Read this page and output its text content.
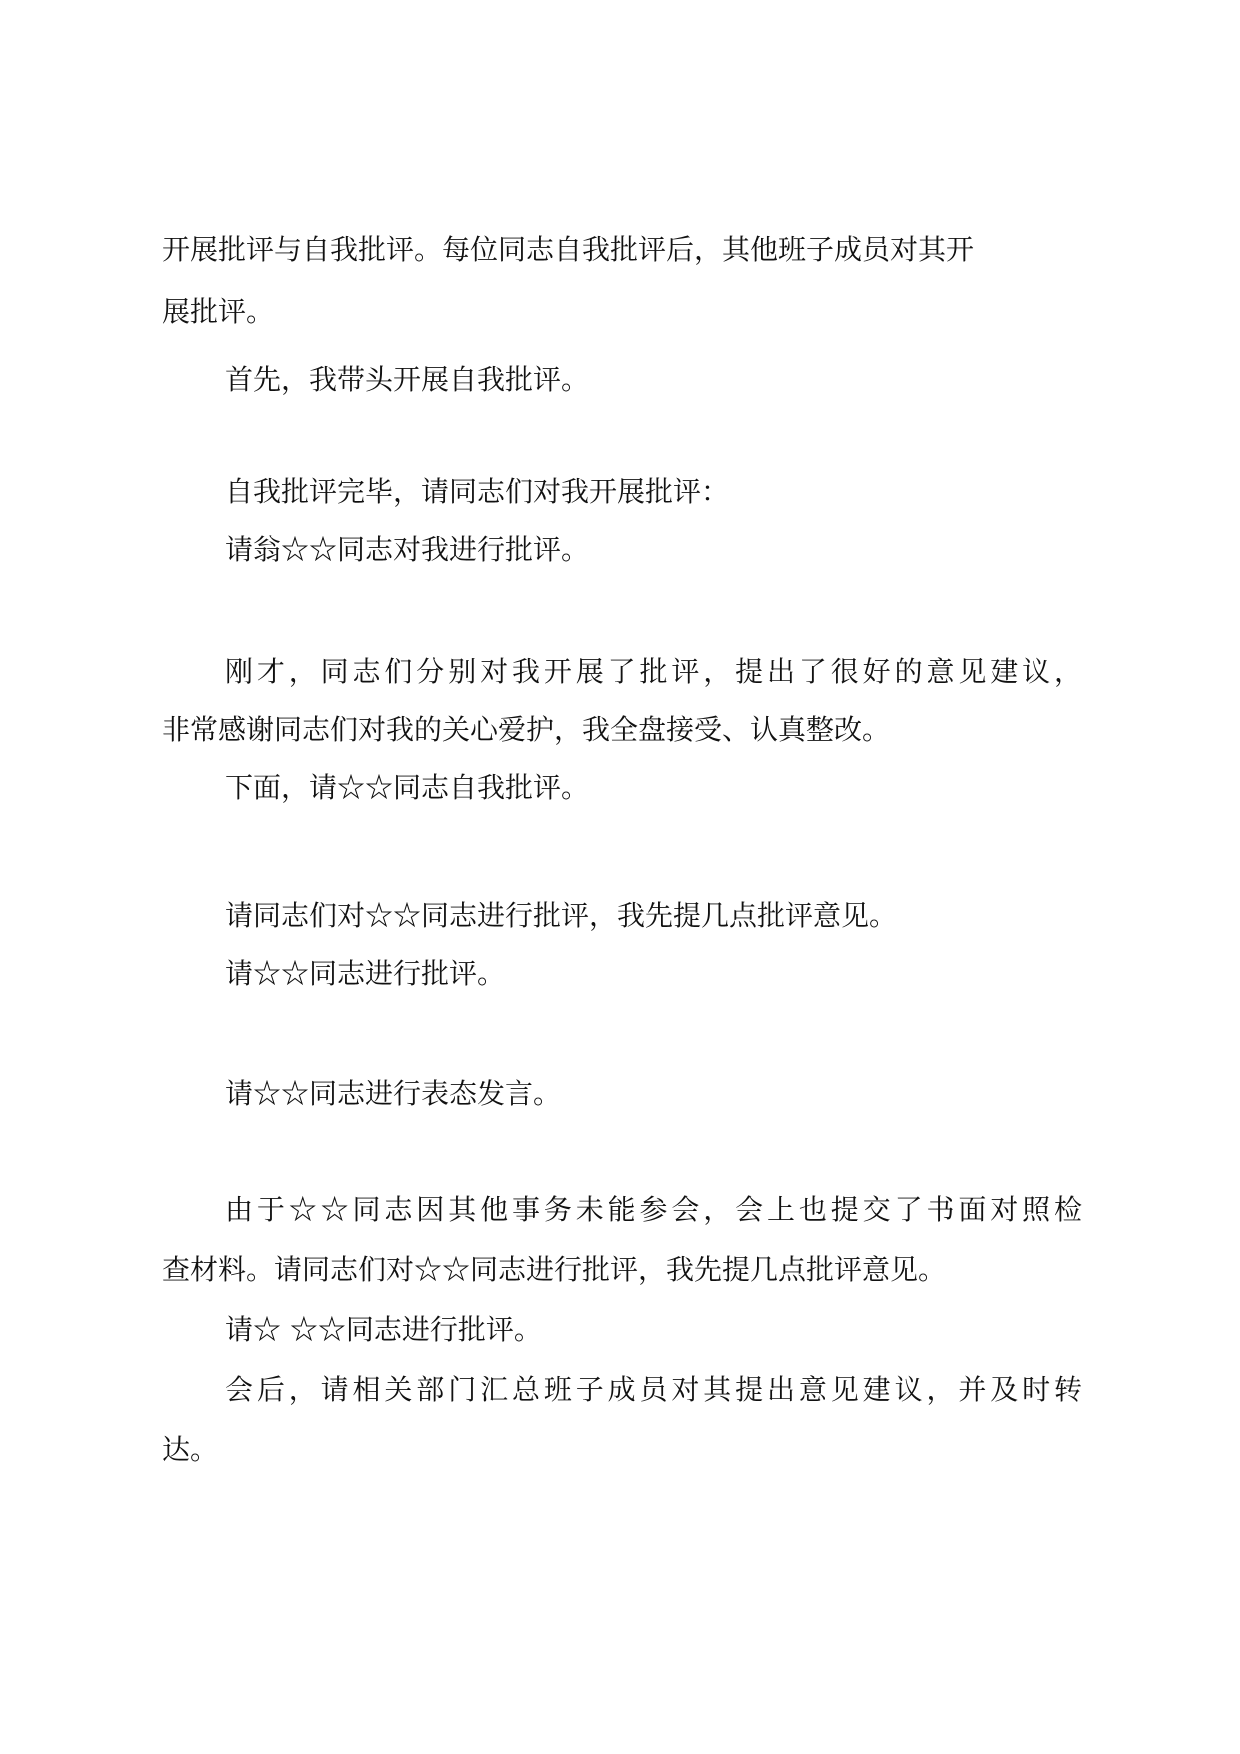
开展批评与自我批评。每位同志自我批评后，其他班子成员对其开
展批评。
首先，我带头开展自我批评。
自我批评完毕，请同志们对我开展批评：
请翁☆☆同志对我进行批评。
刚才，同志们分别对我开展了批评，提出了很好的意见建议，
非常感谢同志们对我的关心爱护，我全盘接受、认真整改。
下面，请☆☆同志自我批评。
请同志们对☆☆同志进行批评，我先提几点批评意见。
请☆☆同志进行批评。
请☆☆同志进行表态发言。
由于☆☆同志因其他事务未能参会，会上也提交了书面对照检
查材料。请同志们对☆☆同志进行批评，我先提几点批评意见。
请☆ ☆☆同志进行批评。
会后，请相关部门汇总班子成员对其提出意见建议，并及时转
达。
